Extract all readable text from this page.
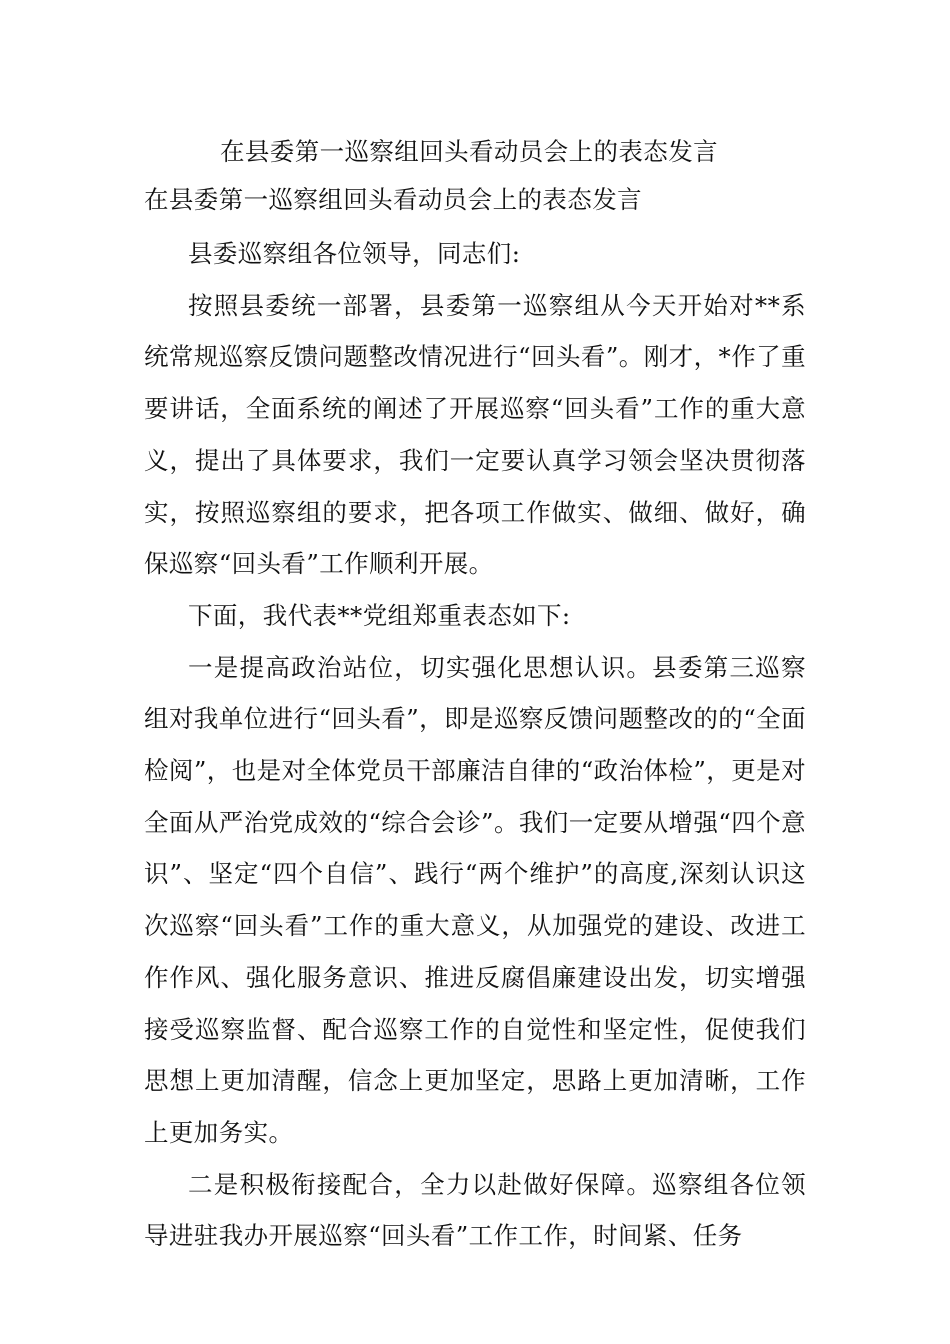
在县委第一巡察组回头看动员会上的表态发言
在县委第一巡察组回头看动员会上的表态发言

县委巡察组各位领导，同志们:

按照县委统一部署，县委第一巡察组从今天开始对**系统常规巡察反馈问题整改情况进行“回头看”。刚才，*作了重要讲话，全面系统的阐述了开展巡察“回头看”工作的重大意义，提出了具体要求，我们一定要认真学习领会坚决贯彻落实，按照巡察组的要求，把各项工作做实、做细、做好，确保巡察“回头看”工作顺利开展。

下面，我代表**党组郑重表态如下:

一是提高政治站位，切实强化思想认识。县委第三巡察组对我单位进行“回头看”，即是巡察反馈问题整改的的“全面检阅”，也是对全体党员干部廉洁自律的“政治体检”，更是对全面从严治党成效的“综合会诊”。我们一定要从增强“四个意识”、坚定“四个自信”、践行“两个维护”的高度,深刻认识这次巡察“回头看”工作的重大意义，从加强党的建设、改进工作作风、强化服务意识、推进反腐倡廉建设出发，切实增强接受巡察监督、配合巡察工作的自觉性和坚定性，促使我们思想上更加清醒，信念上更加坚定，思路上更加清晰，工作上更加务实。

二是积极衔接配合，全力以赴做好保障。巡察组各位领导进驻我办开展巡察“回头看”工作工作，时间紧、任务
